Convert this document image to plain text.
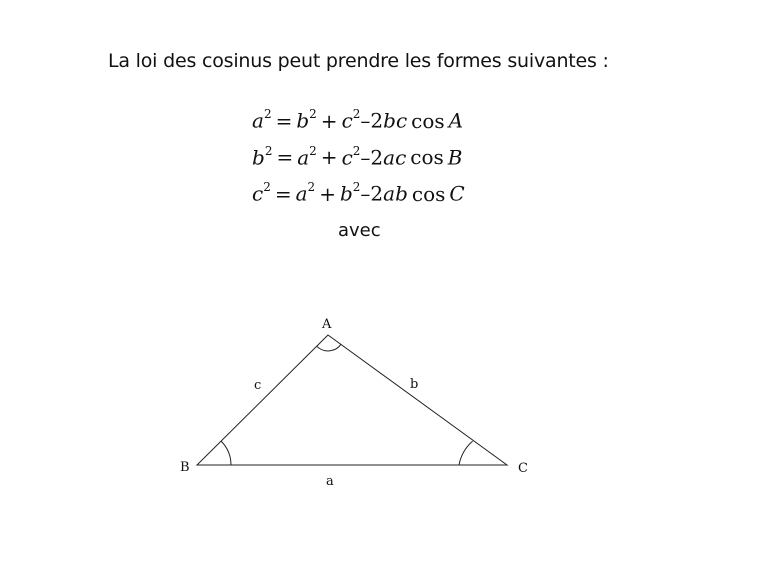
La loi des cosinus peut prendre les formes suivantes :
$a^2 = b^2 + c^2-2bc$ cos A
$b^2 = a^2 + c^2-2ac$ cos B
$c^2 = a^2 + b^2-2ab$ cos C
avec
A
B	C
a
b
c
